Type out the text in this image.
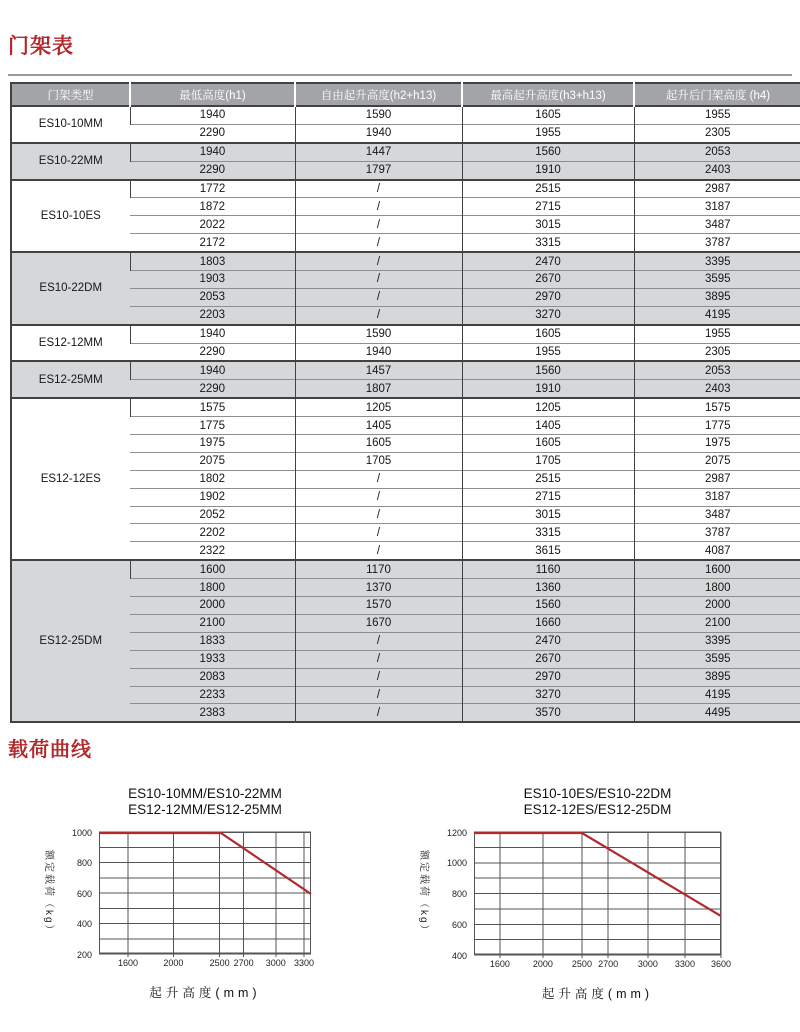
门架表
门架类型	最低高度(h1)	自由起升高度(h2+h13)	最高起升高度(h3+h13)	起升后门架高度 (h4)
ES10-10MM	1940	1590	1605	1955
	2290	1940	1955	2305
ES10-22MM	1940	1447	1560	2053
	2290	1797	1910	2403
ES10-10ES	1772	/	2515	2987
	1872	/	2715	3187
	2022	/	3015	3487
	2172	/	3315	3787
ES10-22DM	1803	/	2470	3395
	1903	/	2670	3595
	2053	/	2970	3895
	2203	/	3270	4195
ES12-12MM	1940	1590	1605	1955
	2290	1940	1955	2305
ES12-25MM	1940	1457	1560	2053
	2290	1807	1910	2403
ES12-12ES	1575	1205	1205	1575
	1775	1405	1405	1775
	1975	1605	1605	1975
	2075	1705	1705	2075
	1802	/	2515	2987
	1902	/	2715	3187
	2052	/	3015	3487
	2202	/	3315	3787
	2322	/	3615	4087
ES12-25DM	1600	1170	1160	1600
	1800	1370	1360	1800
	2000	1570	1560	2000
	2100	1670	1660	2100
	1833	/	2470	3395
	1933	/	2670	3595
	2083	/	2970	3895
	2233	/	3270	4195
	2383	/	3570	4495
载荷曲线
ES10-10MM/ES10-22MM
ES12-12MM/ES12-25MM
额定载荷（kg）
1000
800
600
400
200
1600	2000	2500 2700 3000 3300
起升高度(mm)
ES10-10ES/ES10-22DM
ES12-12ES/ES12-25DM
额定载荷（kg）
1200
1000
800
600
400
1600	2000 2500 2700 3000 3300 3600
起升高度(mm)
